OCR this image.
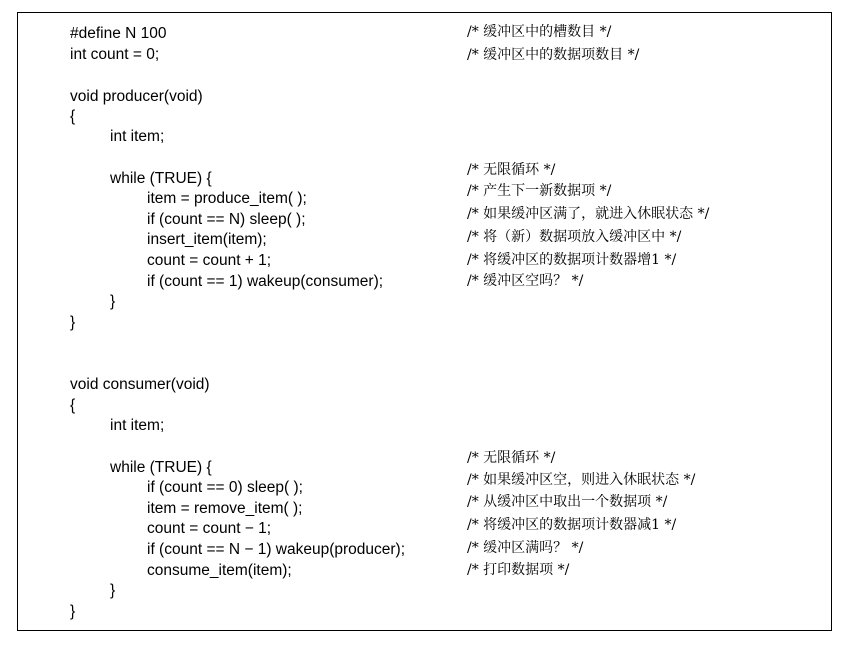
#define N 100	/* 缓冲区中的槽数目 */
int count = 0;	/* 缓冲区中的数据项数目 */
void producer(void)
{
int item;
/* 无限循环 */
while (TRUE) {
/* 产生下一新数据项 */
item = produce_item( );
/* 如果缓冲区满了，就进入休眠状态 */
if (count == N) sleep( );
/* 将（新）数据项放入缓冲区中 */
insert_item(item);
/* 将缓冲区的数据项计数器增1 */
count = count + 1;
/* 缓冲区空吗？ */
if (count == 1) wakeup(consumer);
}
}
void consumer(void)
{
int item;
/* 无限循环 */
while (TRUE) {
/* 如果缓冲区空，则进入休眠状态 */
if (count == 0) sleep( );
/* 从缓冲区中取出一个数据项 */
item = remove_item( );
/* 将缓冲区的数据项计数器减1 */
count = count − 1;
/* 缓冲区满吗？ */
if (count == N − 1) wakeup(producer);
/* 打印数据项 */
consume_item(item);
}
}
